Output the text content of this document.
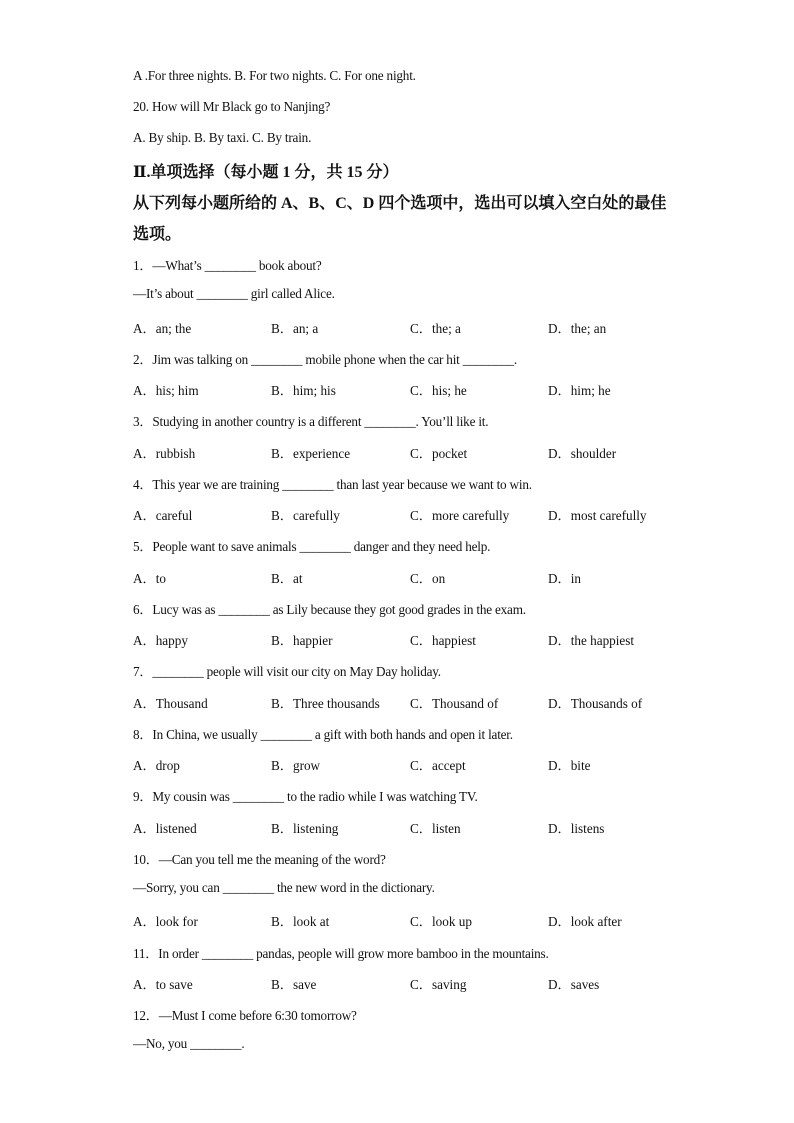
A .For three nights. B. For two nights. C. For one night.
20. How will Mr Black go to Nanjing?
A. By ship. B. By taxi. C. By train.
Ⅱ.单项选择（每小题 1 分，共 15 分）
从下列每小题所给的 A、B、C、D 四个选项中，选出可以填入空白处的最佳
选项。
1．—What’s ________ book about?
—It’s about ________ girl called Alice.
A．an; the	B．an; a	C．the; a	D．the; an
2．Jim was talking on ________ mobile phone when the car hit ________.
A．his; him	B．him; his	C．his; he	D．him; he
3．Studying in another country is a different ________. You’ll like it.
A．rubbish	B．experience	C．pocket	D．shoulder
4．This year we are training ________ than last year because we want to win.
A．careful	B．carefully	C．more carefully	D．most carefully
5．People want to save animals ________ danger and they need help.
A．to	B．at	C．on	D．in
6．Lucy was as ________ as Lily because they got good grades in the exam.
A．happy	B．happier	C．happiest	D．the happiest
7．________ people will visit our city on May Day holiday.
A．Thousand	B．Three thousands C．Thousand of	D．Thousands of
8．In China, we usually ________ a gift with both hands and open it later.
A．drop	B．grow	C．accept	D．bite
9．My cousin was ________ to the radio while I was watching TV.
A．listened	B．listening	C．listen	D．listens
10．—Can you tell me the meaning of the word?
—Sorry, you can ________ the new word in the dictionary.
A．look for	B．look at	C．look up	D．look after
11．In order ________ pandas, people will grow more bamboo in the mountains.
A．to save	B．save	C．saving	D．saves
12．—Must I come before 6:30 tomorrow?
—No, you ________.
